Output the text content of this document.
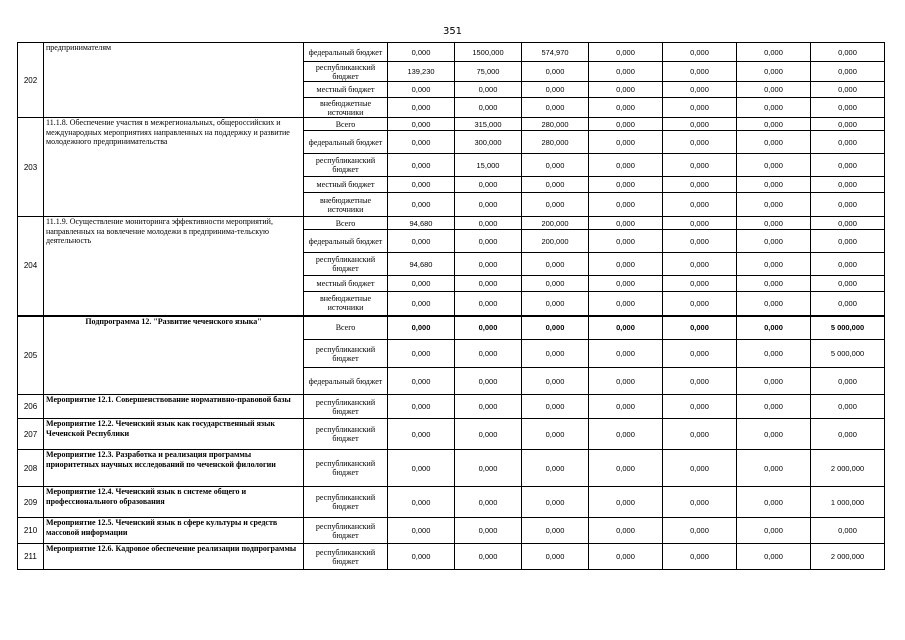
351
202	предпринимателям	федеральный бюджет	0,000	1500,000	574,970	0,000	0,000	0,000	0,000
		республиканский бюджет	139,230	75,000	0,000	0,000	0,000	0,000	0,000
		местный бюджет	0,000	0,000	0,000	0,000	0,000	0,000	0,000
		внебюджетные источники	0,000	0,000	0,000	0,000	0,000	0,000	0,000
203	11.1.8. Обеспечение участия в межрегиональных, общероссийских и международных мероприятиях направленных на поддержку и развитие молодежного предпринимательства	Всего	0,000	315,000	280,000	0,000	0,000	0,000	0,000
		федеральный бюджет	0,000	300,000	280,000	0,000	0,000	0,000	0,000
		республиканский бюджет	0,000	15,000	0,000	0,000	0,000	0,000	0,000
		местный бюджет	0,000	0,000	0,000	0,000	0,000	0,000	0,000
		внебюджетные источники	0,000	0,000	0,000	0,000	0,000	0,000	0,000
204	11.1.9. Осуществление мониторинга эффективности мероприятий, направленных на вовлечение молодежи в предпринима-тельскую деятельность	Всего	94,680	0,000	200,000	0,000	0,000	0,000	0,000
		федеральный бюджет	0,000	0,000	200,000	0,000	0,000	0,000	0,000
		республиканский бюджет	94,680	0,000	0,000	0,000	0,000	0,000	0,000
		местный бюджет	0,000	0,000	0,000	0,000	0,000	0,000	0,000
		внебюджетные источники	0,000	0,000	0,000	0,000	0,000	0,000	0,000
205	Подпрограмма 12. "Развитие чеченского языка"	Всего	0,000	0,000	0,000	0,000	0,000	0,000	5 000,000
		республиканский бюджет	0,000	0,000	0,000	0,000	0,000	0,000	5 000,000
		федеральный бюджет	0,000	0,000	0,000	0,000	0,000	0,000	0,000
206	Мероприятие 12.1. Совершенствование нормативно-правовой базы	республиканский бюджет	0,000	0,000	0,000	0,000	0,000	0,000	0,000
207	Мероприятие 12.2. Чеченский язык как государственный язык Чеченской Республики	республиканский бюджет	0,000	0,000	0,000	0,000	0,000	0,000	0,000
208	Мероприятие 12.3. Разработка и реализация программы приоритетных научных исследований по чеченской филологии	республиканский бюджет	0,000	0,000	0,000	0,000	0,000	0,000	2 000,000
209	Мероприятие 12.4. Чеченский язык в системе общего и профессионального образования	республиканский бюджет	0,000	0,000	0,000	0,000	0,000	0,000	1 000,000
210	Мероприятие 12.5. Чеченский язык в сфере культуры и средств массовой информации	республиканский бюджет	0,000	0,000	0,000	0,000	0,000	0,000	0,000
211	Мероприятие 12.6. Кадровое обеспечение реализации подпрограммы	республиканский бюджет	0,000	0,000	0,000	0,000	0,000	0,000	2 000,000
